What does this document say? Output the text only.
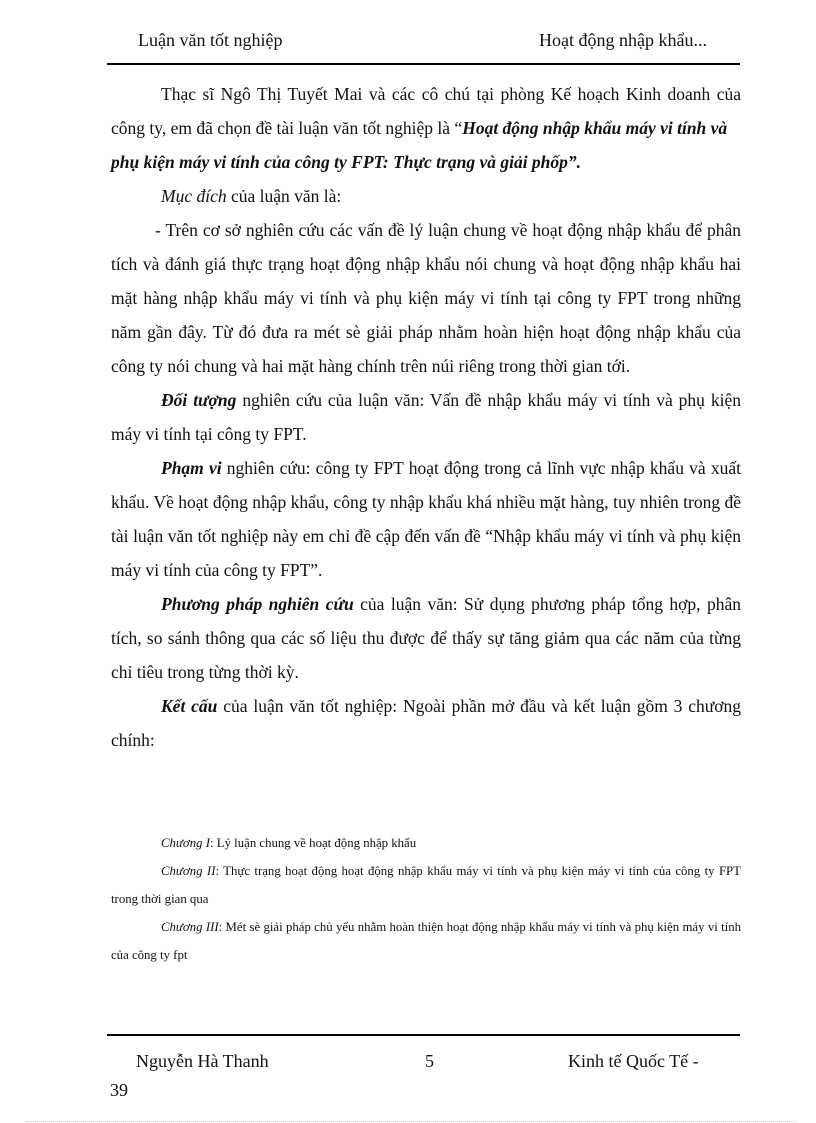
Luận văn tốt nghiệp	Hoạt động nhập khẩu...

Thạc sĩ Ngô Thị Tuyết Mai và các cô chú tại phòng Kế hoạch Kinh doanh của công ty, em đã chọn đề tài luận văn tốt nghiệp là “Hoạt động nhập khẩu máy vi tính và

phụ kiện máy vi tính của công ty FPT: Thực trạng và giải phốp”.

Mục đích của luận văn là:

- Trên cơ sở nghiên cứu các vấn đề lý luận chung về hoạt động nhập khẩu để phân tích và đánh giá thực trạng hoạt động nhập khẩu nói chung và hoạt động nhập khẩu hai mặt hàng nhập khẩu máy vi tính và phụ kiện máy vi tính tại công ty FPT trong những năm gần đây. Từ đó đưa ra mét sè giải pháp nhằm hoàn hiện hoạt động nhập khẩu của công ty nói chung và hai mặt hàng chính trên núi riêng trong thời gian tới.

Đối tượng nghiên cứu của luận văn: Vấn đề nhập khẩu máy vi tính và phụ kiện máy vi tính tại công ty FPT.

Phạm vi nghiên cứu: công ty FPT hoạt động trong cả lĩnh vực nhập khẩu và xuất khẩu. Về hoạt động nhập khẩu, công ty nhập khẩu khá nhiều mặt hàng, tuy nhiên trong đề tài luận văn tốt nghiệp này em chỉ đề cập đến vấn đề “Nhập khẩu máy vi tính và phụ kiện máy vi tính của công ty FPT”.

Phương pháp nghiên cứu của luận văn: Sử dụng phương pháp tổng hợp, phân tích, so sánh thông qua các số liệu thu được để thấy sự tăng giảm qua các năm của từng chỉ tiêu trong từng thời kỳ.

Kết cấu của luận văn tốt nghiệp: Ngoài phần mở đầu và kết luận gồm 3 chương chính:

Chương I: Lý luận chung về hoạt động nhập khẩu

Chương II: Thực trạng hoạt động hoạt động nhập khẩu máy vi tính và phụ kiện máy vi tính của công ty FPT trong thời gian qua

Chương III: Mét sè giải pháp chủ yếu nhằm hoàn thiện hoạt động nhập khẩu máy vi tính và phụ kiện máy vi tính của công ty fpt

Nguyễn Hà Thanh	5	Kinh tế Quốc Tế -
39
